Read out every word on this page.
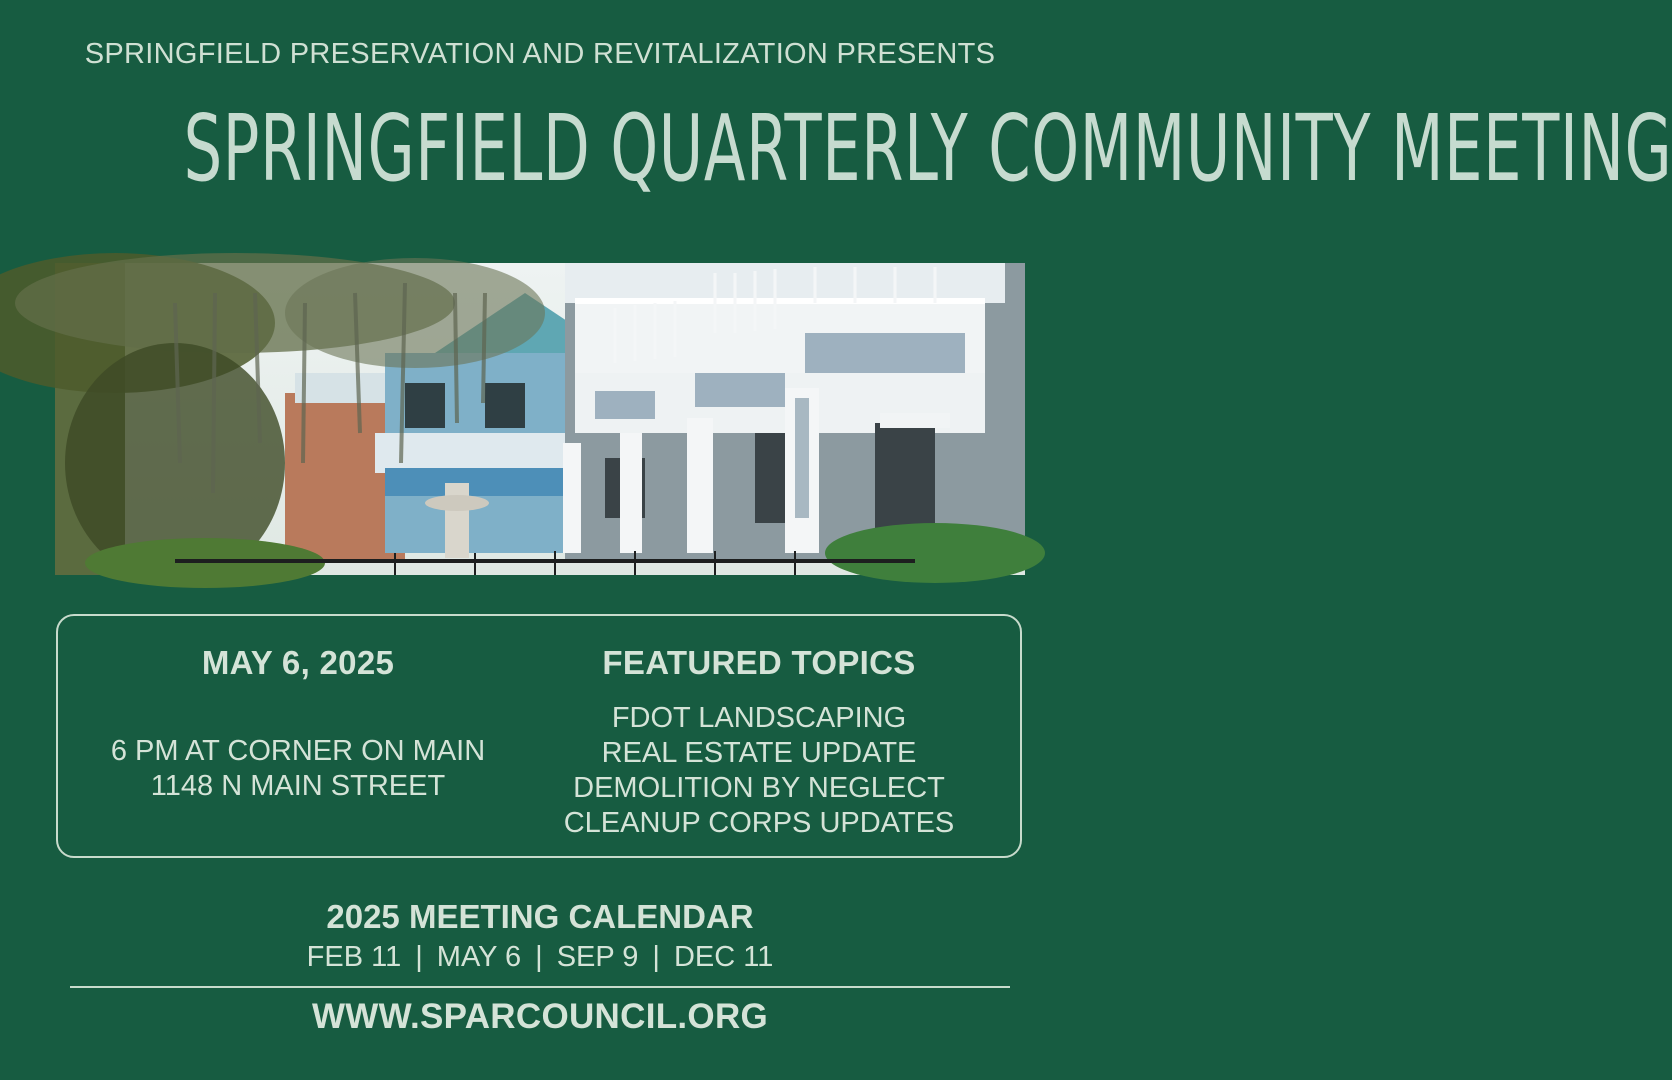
SPRINGFIELD PRESERVATION AND REVITALIZATION PRESENTS
SPRINGFIELD QUARTERLY COMMUNITY MEETING
MAY 6, 2025
6 PM AT CORNER ON MAIN
1148 N MAIN STREET
FEATURED TOPICS
FDOT LANDSCAPING
REAL ESTATE UPDATE
DEMOLITION BY NEGLECT
CLEANUP CORPS UPDATES
2025 MEETING CALENDAR
FEB 11 | MAY 6 | SEP 9 | DEC 11
WWW.SPARCOUNCIL.ORG
